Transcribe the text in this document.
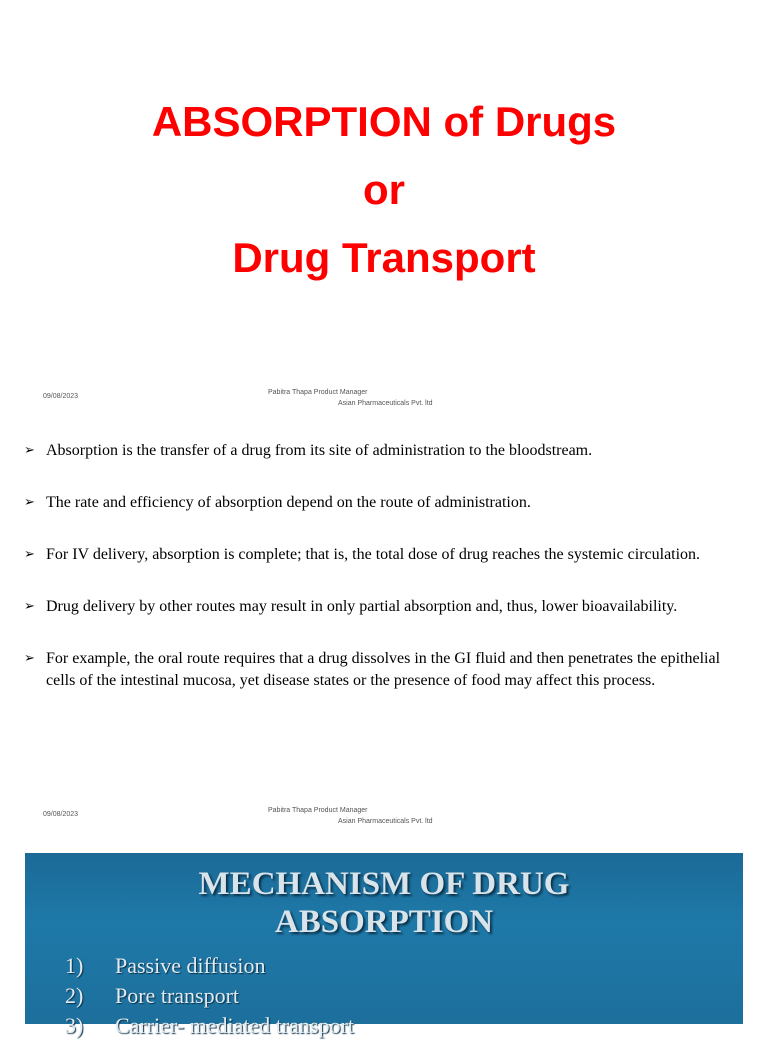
ABSORPTION of Drugs
or
Drug Transport
09/08/2023
Pabitra Thapa Product Manager
Asian Pharmaceuticals Pvt. ltd
➢ Absorption is the transfer of a drug from its site of administration to the bloodstream.
➢ The rate and efficiency of absorption depend on the route of administration.
➢ For IV delivery, absorption is complete; that is, the total dose of drug reaches the systemic circulation.
➢ Drug delivery by other routes may result in only partial absorption and, thus, lower bioavailability.
➢ For example, the oral route requires that a drug dissolves in the GI fluid and then penetrates the epithelial cells of the intestinal mucosa, yet disease states or the presence of food may affect this process.
09/08/2023
Pabitra Thapa Product Manager
Asian Pharmaceuticals Pvt. ltd
MECHANISM OF DRUG
ABSORPTION
1) Passive diffusion
2) Pore transport
3) Carrier- mediated transport
